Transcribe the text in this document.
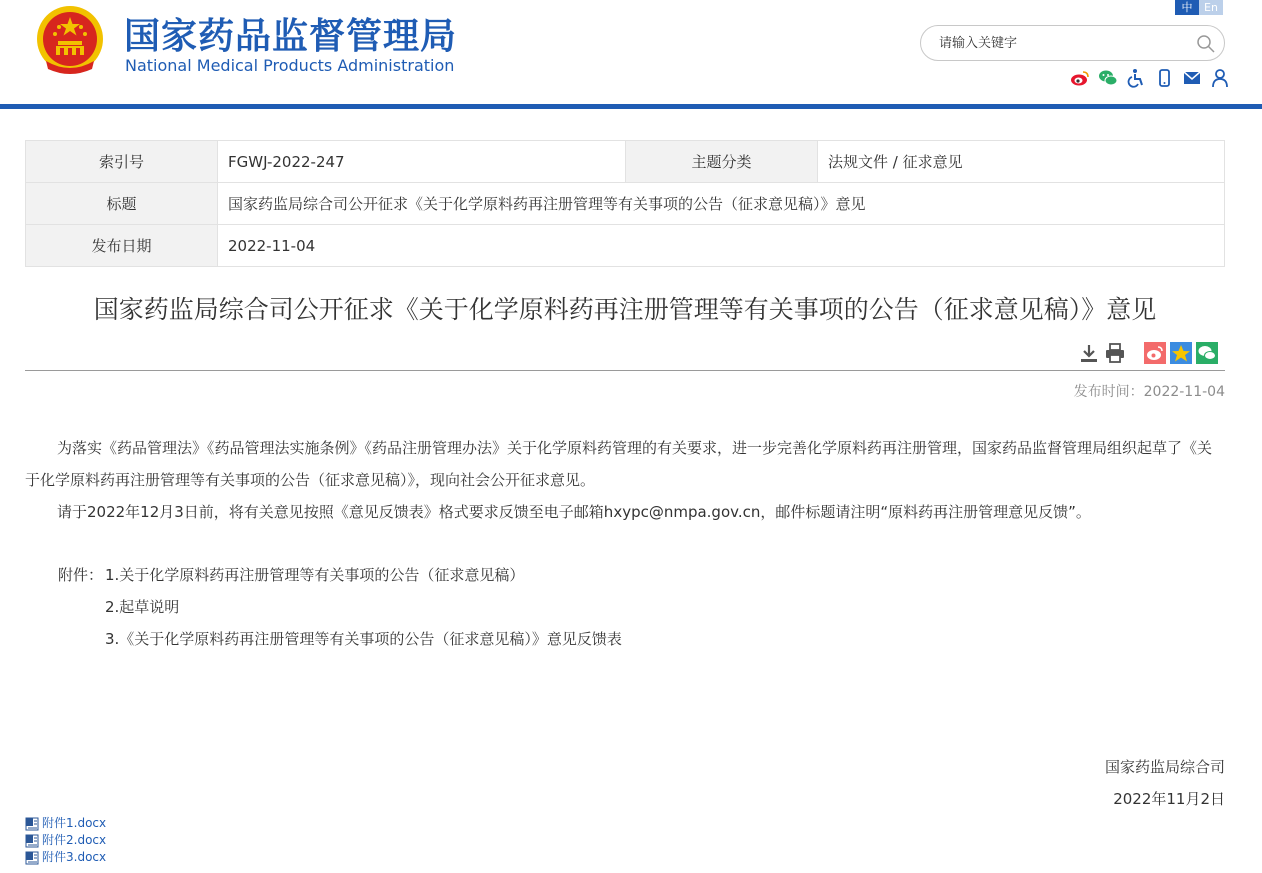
国家药品监督管理局
National Medical Products Administration
中	En
请输入关键字
索引号	FGWJ-2022-247	主题分类	法规文件 / 征求意见
标题	国家药监局综合司公开征求《关于化学原料药再注册管理等有关事项的公告（征求意见稿）》意见		
发布日期	2022-11-04		
国家药监局综合司公开征求《关于化学原料药再注册管理等有关事项的公告（征求意见稿）》意见
发布时间：2022-11-04

为落实《药品管理法》《药品管理法实施条例》《药品注册管理办法》关于化学原料药管理的有关要求，进一步完善化学原料药再注册管理，国家药品监督管理局组织起草了《关于化学原料药再注册管理等有关事项的公告（征求意见稿）》，现向社会公开征求意见。

请于2022年12月3日前，将有关意见按照《意见反馈表》格式要求反馈至电子邮箱hxypc@nmpa.gov.cn，邮件标题请注明“原料药再注册管理意见反馈”。

附件： 1.关于化学原料药再注册管理等有关事项的公告（征求意见稿）
2.起草说明
3.《关于化学原料药再注册管理等有关事项的公告（征求意见稿）》意见反馈表
国家药监局综合司
2022年11月2日
附件1.docx
附件2.docx
附件3.docx
